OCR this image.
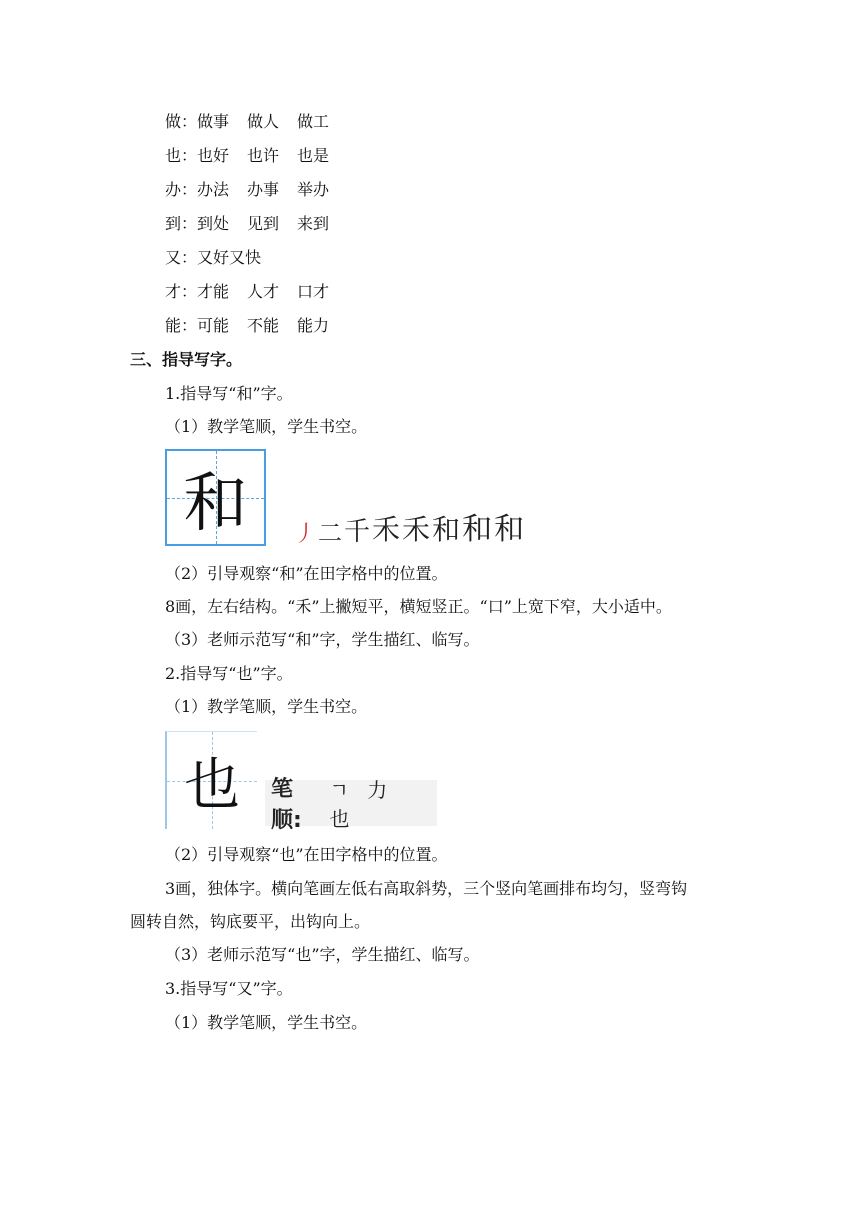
做：做事 做人 做工
也：也好 也许 也是
办：办法 办事 举办
到：到处 见到 来到
又：又好又快
才：才能 人才 口才
能：可能 不能 能力
三、指导写字。
1.指导写“和”字。
（1）教学笔顺，学生书空。
和	丿 二 千 禾 禾 和 和 和
（2）引导观察“和”在田字格中的位置。
8画，左右结构。“禾”上撇短平，横短竖正。“口”上宽下窄，大小适中。
（3）老师示范写“和”字，学生描红、临写。
2.指导写“也”字。
（1）教学笔顺，学生书空。
也	笔顺:
ㄱ 力 也
（2）引导观察“也”在田字格中的位置。
3画，独体字。横向笔画左低右高取斜势，三个竖向笔画排布均匀，竖弯钩
圆转自然，钩底要平，出钩向上。
（3）老师示范写“也”字，学生描红、临写。
3.指导写“又”字。
（1）教学笔顺，学生书空。
